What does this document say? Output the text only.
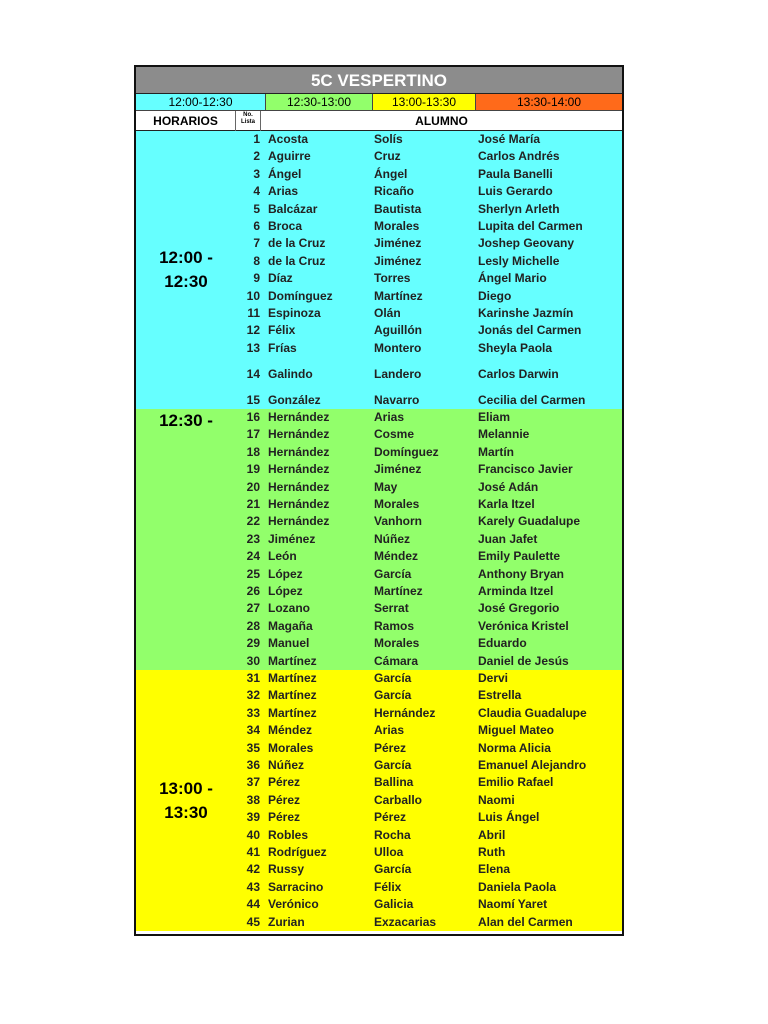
5C VESPERTINO
12:00-12:30	12:30-13:00	13:00-13:30	13:30-14:00
HORARIOS	No. Lista	ALUMNO
1 Acosta	Solís	José María
2 Aguirre	Cruz	Carlos Andrés
3 Ángel	Ángel	Paula Banelli
4 Arias	Ricaño	Luis Gerardo
5 Balcázar	Bautista	Sherlyn Arleth
6 Broca	Morales	Lupita del Carmen
7 de la Cruz	Jiménez	Joshep Geovany
8 de la Cruz	Jiménez	Lesly Michelle
9 Díaz	Torres	Ángel Mario
10 Domínguez	Martínez	Diego
11 Espinoza	Olán	Karinshe Jazmín
12 Félix	Aguillón	Jonás del Carmen
13 Frías	Montero	Sheyla Paola
14 Galindo	Landero	Carlos Darwin
15 González	Navarro	Cecilia del Carmen
12:00 - 12:30
16 Hernández	Arias	Eliam
17 Hernández	Cosme	Melannie
18 Hernández	Domínguez	Martín
19 Hernández	Jiménez	Francisco Javier
20 Hernández	May	José Adán
21 Hernández	Morales	Karla Itzel
22 Hernández	Vanhorn	Karely Guadalupe
23 Jiménez	Núñez	Juan Jafet
24 León	Méndez	Emily Paulette
25 López	García	Anthony Bryan
26 López	Martínez	Arminda Itzel
27 Lozano	Serrat	José Gregorio
28 Magaña	Ramos	Verónica Kristel
29 Manuel	Morales	Eduardo
30 Martínez	Cámara	Daniel de Jesús
12:30 -
31 Martínez	García	Dervi
32 Martínez	García	Estrella
33 Martínez	Hernández	Claudia Guadalupe
34 Méndez	Arias	Miguel Mateo
35 Morales	Pérez	Norma Alicia
36 Núñez	García	Emanuel Alejandro
37 Pérez	Ballina	Emilio Rafael
38 Pérez	Carballo	Naomi
39 Pérez	Pérez	Luis Ángel
40 Robles	Rocha	Abril
41 Rodríguez	Ulloa	Ruth
42 Russy	García	Elena
43 Sarracino	Félix	Daniela Paola
44 Verónico	Galicia	Naomí Yaret
45 Zurian	Exzacarias	Alan del Carmen
13:00 - 13:30
